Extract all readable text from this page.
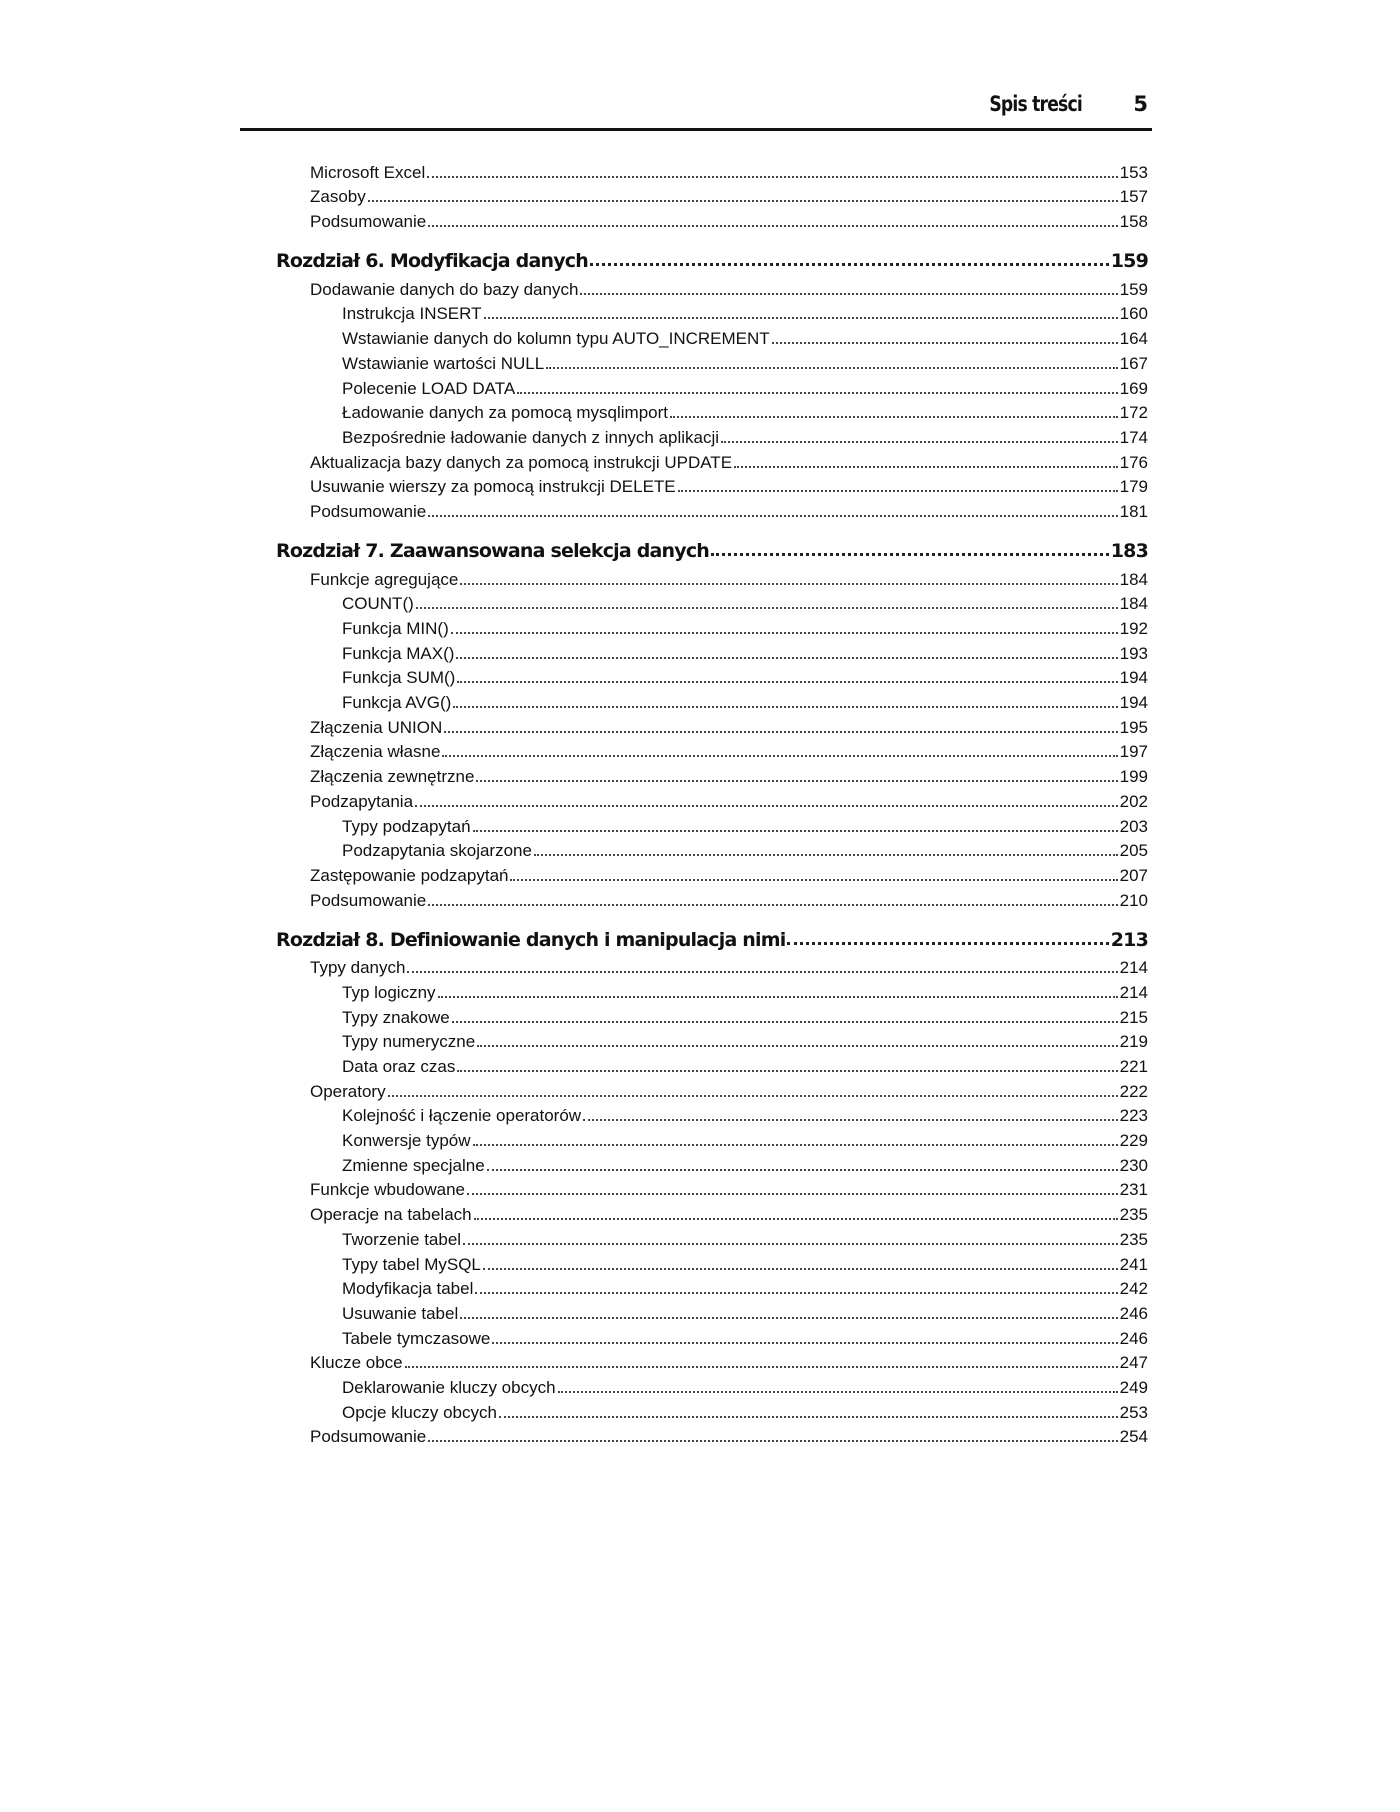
Spis treści 5
Microsoft Excel	153
Zasoby	157
Podsumowanie	158
Rozdział 6. Modyfikacja danych	159
Dodawanie danych do bazy danych	159
Instrukcja INSERT	160
Wstawianie danych do kolumn typu AUTO_INCREMENT	164
Wstawianie wartości NULL	167
Polecenie LOAD DATA	169
Ładowanie danych za pomocą mysqlimport	172
Bezpośrednie ładowanie danych z innych aplikacji	174
Aktualizacja bazy danych za pomocą instrukcji UPDATE	176
Usuwanie wierszy za pomocą instrukcji DELETE	179
Podsumowanie	181
Rozdział 7. Zaawansowana selekcja danych	183
Funkcje agregujące	184
COUNT()	184
Funkcja MIN()	192
Funkcja MAX()	193
Funkcja SUM()	194
Funkcja AVG()	194
Złączenia UNION	195
Złączenia własne	197
Złączenia zewnętrzne	199
Podzapytania	202
Typy podzapytań	203
Podzapytania skojarzone	205
Zastępowanie podzapytań	207
Podsumowanie	210
Rozdział 8. Definiowanie danych i manipulacja nimi	213
Typy danych	214
Typ logiczny	214
Typy znakowe	215
Typy numeryczne	219
Data oraz czas	221
Operatory	222
Kolejność i łączenie operatorów	223
Konwersje typów	229
Zmienne specjalne	230
Funkcje wbudowane	231
Operacje na tabelach	235
Tworzenie tabel	235
Typy tabel MySQL	241
Modyfikacja tabel	242
Usuwanie tabel	246
Tabele tymczasowe	246
Klucze obce	247
Deklarowanie kluczy obcych	249
Opcje kluczy obcych	253
Podsumowanie	254
